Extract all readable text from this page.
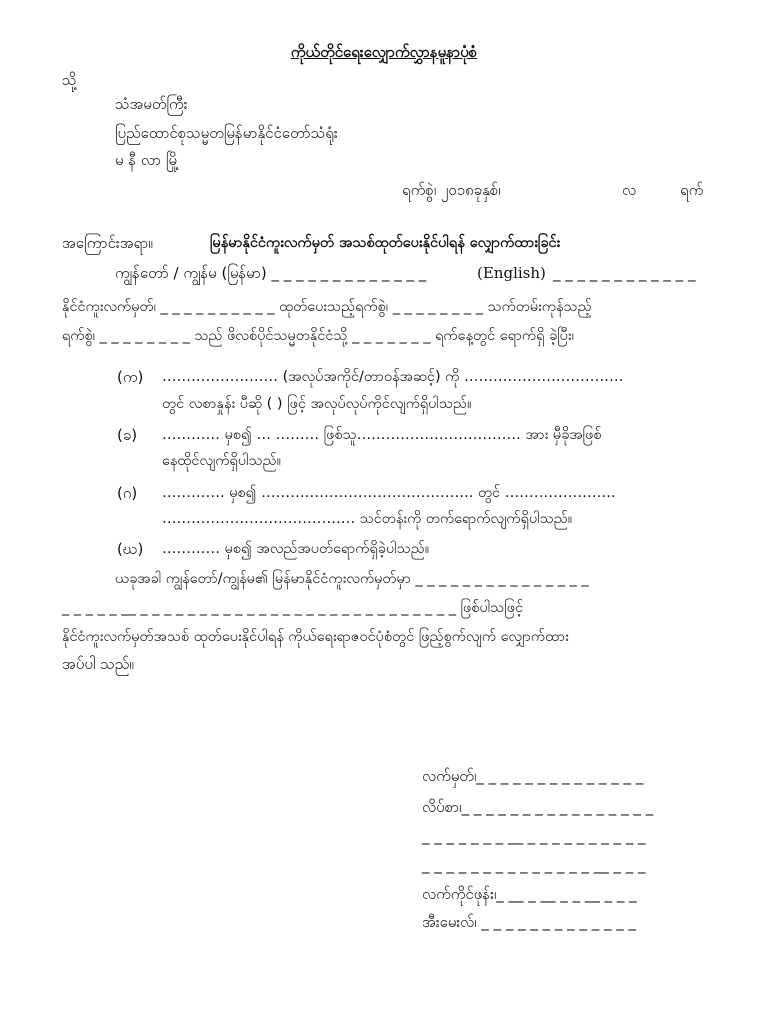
ကိုယ်တိုင်ရေးလျှောက်လွှာနမူနာပုံစံ
သို့
သံအမတ်ကြီး
ပြည်ထောင်စုသမ္မတမြန်မာနိုင်ငံတော်သံရုံး
မ နီ လာ မြို့
ရက်စွဲ၊ ၂၀၁၈ခုနှစ်၊	လ	ရက်
အကြောင်းအရာ။	မြန်မာနိုင်ငံကူးလက်မှတ် အသစ်ထုတ်ပေးနိုင်ပါရန် လျှောက်ထားခြင်း
ကျွန်တော် / ကျွန်မ (မြန်မာ) _ _ _ _ _ _ _ _ _ _ _ _ _	(English) _ _ _ _ _ _ _ _ _ _ _ _
နိုင်ငံကူးလက်မှတ်၊ _ _ _ _ _ _ _ _ _ _ ထုတ်ပေးသည့်ရက်စွဲ၊ _ _ _ _ _ _ _ _ သက်တမ်းကုန်သည့်
ရက်စွဲ၊ _ _ _ _ _ _ _ _ သည် ဖိလစ်ပိုင်သမ္မတနိုင်ငံသို့ _ _ _ _ _ _ _ ရက်နေ့တွင် ရောက်ရှိ ခဲ့ပြီး၊
(က) …………………… (အလုပ်အကိုင်/တာဝန်အဆင့်) ကို ……………………………
တွင် လစာနှုန်း ပီဆို ( ) ဖြင့် အလုပ်လုပ်ကိုင်လျက်ရှိပါသည်။
(ခ) ………… မှစ၍ … ……… ဖြစ်သူ……………………………. အား မှီခိုအဖြစ်
နေထိုင်လျက်ရှိပါသည်။
(ဂ) …………. မှစ၍ …………………………………….. တွင် …………………..
…………………………………. သင်တန်းကို တက်ရောက်လျက်ရှိပါသည်။
(ဃ) ………… မှစ၍ အလည်အပတ်ရောက်ရှိခဲ့ပါသည်။
ယခုအခါ ကျွန်တော်/ကျွန်မ၏ မြန်မာနိုင်ငံကူးလက်မှတ်မှာ _ _ _ _ _ _ _ _ _ _ _ _ _ _ _
_ _ _ _ _ __ _ _ _ _ _ _ _ _ _ _ _ _ _ _ _ _ _ _ _ _ _ _ _ _ _ _ _ ဖြစ်ပါသဖြင့်
နိုင်ငံကူးလက်မှတ်အသစ် ထုတ်ပေးနိုင်ပါရန် ကိုယ်ရေးရာဇဝင်ပုံစံတွင် ဖြည့်စွက်လျက် လျှောက်ထား
အပ်ပါ သည်။
လက်မှတ်၊_ _ _ _ _ _ _ _ _ _ _ _ _ _
လိပ်စာ၊_ _ _ _ _ _ _ _ _ _ _ _ _ _ _ _
_ _ _ _ _ _ _ __ _ _ _ _ _ _ _ _ _ _
_ _ _ _ _ _ _ _ _ _ _ _ _ _ __ _ _ _
လက်ကိုင်ဖုန်း၊_ __ _ __ _ _ __ _ _ _
အီးမေးလ်၊ _ _ _ _ _ _ _ _ _ _ _ _ _
